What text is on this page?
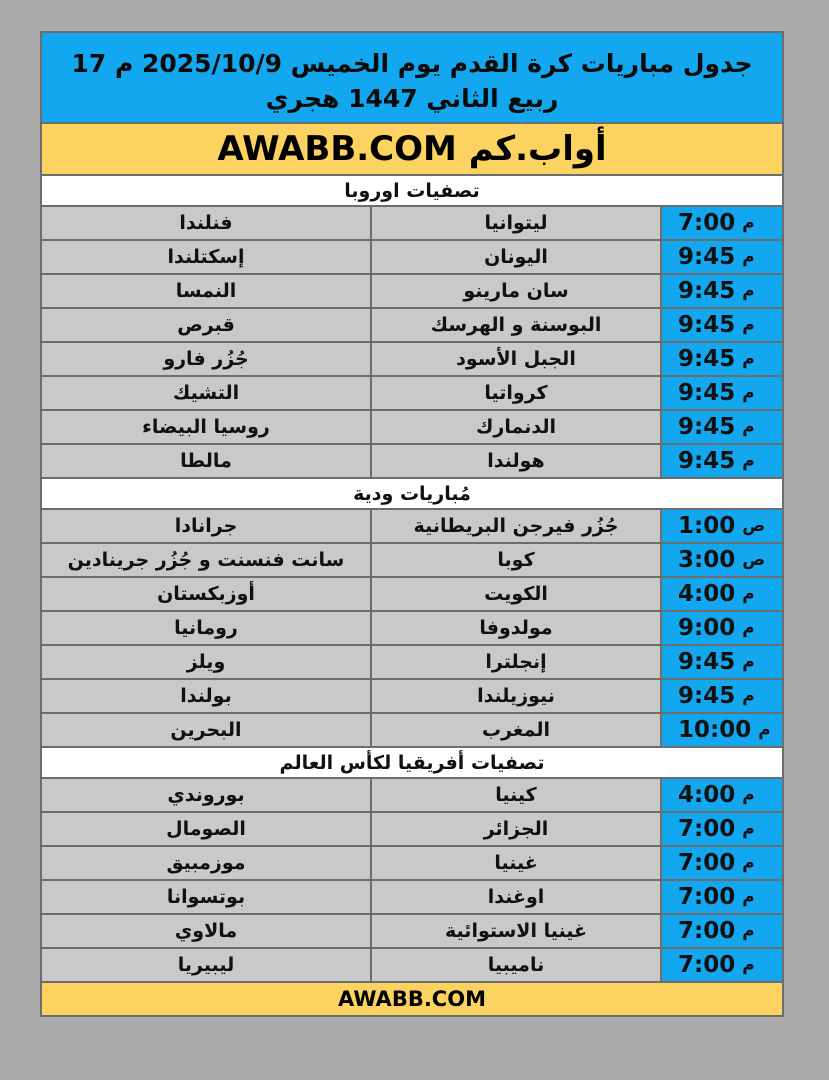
جدول مباريات كرة القدم يوم الخميس 2025/10/9 م 17 ربيع الثاني 1447 هجري
أواب.كم AWABB.COM
تصفيات اوروبا
فنلندا	ليتوانيا	7:00 م
إسكتلندا	اليونان	9:45 م
النمسا	سان مارينو	9:45 م
قبرص	البوسنة و الهرسك	9:45 م
جُزُر فارو	الجبل الأسود	9:45 م
التشيك	كرواتيا	9:45 م
روسيا البيضاء	الدنمارك	9:45 م
مالطا	هولندا	9:45 م
مُباريات ودية
جرانادا	جُزُر فيرجن البريطانية	1:00 ص
سانت فنسنت و جُزُر جرينادين	كوبا	3:00 ص
أوزبكستان	الكويت	4:00 م
رومانيا	مولدوفا	9:00 م
ويلز	إنجلترا	9:45 م
بولندا	نيوزيلندا	9:45 م
البحرين	المغرب	10:00 م
تصفيات أفريقيا لكأس العالم
بوروندي	كينيا	4:00 م
الصومال	الجزائر	7:00 م
موزمبيق	غينيا	7:00 م
بوتسوانا	اوغندا	7:00 م
مالاوي	غينيا الاستوائية	7:00 م
ليبيريا	ناميبيا	7:00 م
AWABB.COM
